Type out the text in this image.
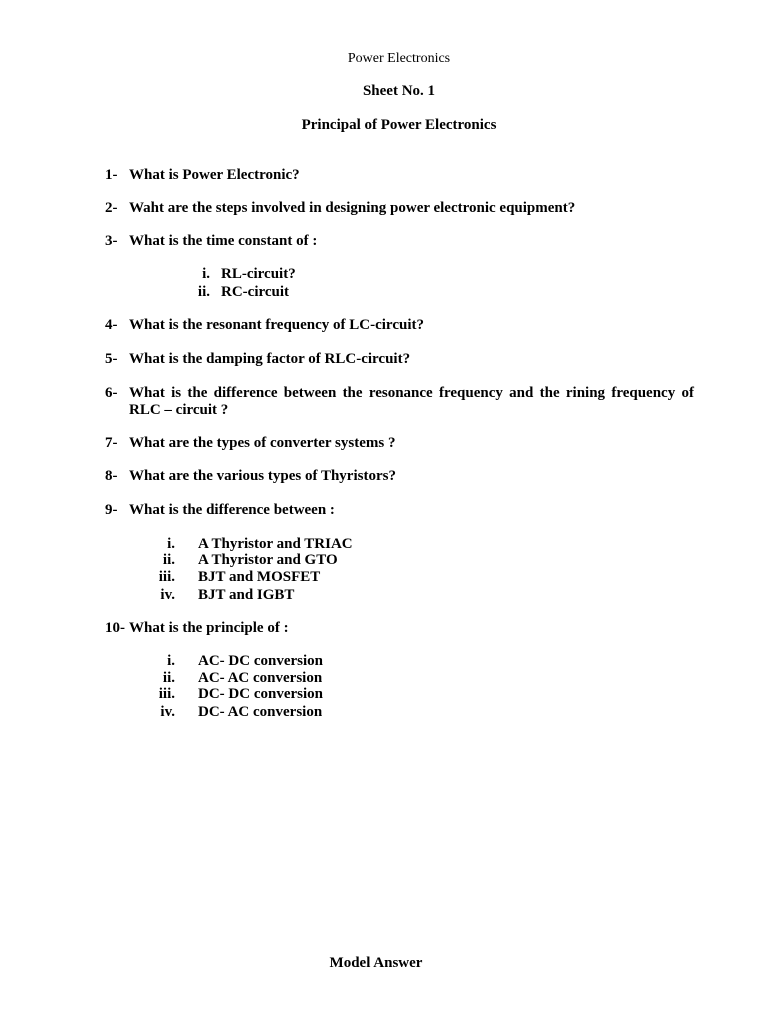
Power Electronics
Sheet No. 1
Principal of Power Electronics
1- What is Power Electronic?
2- Waht are the steps involved in designing power electronic equipment?
3- What is the time constant of :
i. RL-circuit?
ii. RC-circuit
4- What is the resonant frequency of LC-circuit?
5- What is the damping factor of RLC-circuit?
6- What is the difference between the resonance frequency and the rining frequency of
RLC – circuit ?
7- What are the types of converter systems ?
8- What are the various types of Thyristors?
9- What is the difference between :
i. A Thyristor and TRIAC
ii. A Thyristor and GTO
iii. BJT and MOSFET
iv. BJT and IGBT
10- What is the principle of :
i. AC- DC conversion
ii. AC- AC conversion
iii. DC- DC conversion
iv. DC- AC conversion
Model Answer
